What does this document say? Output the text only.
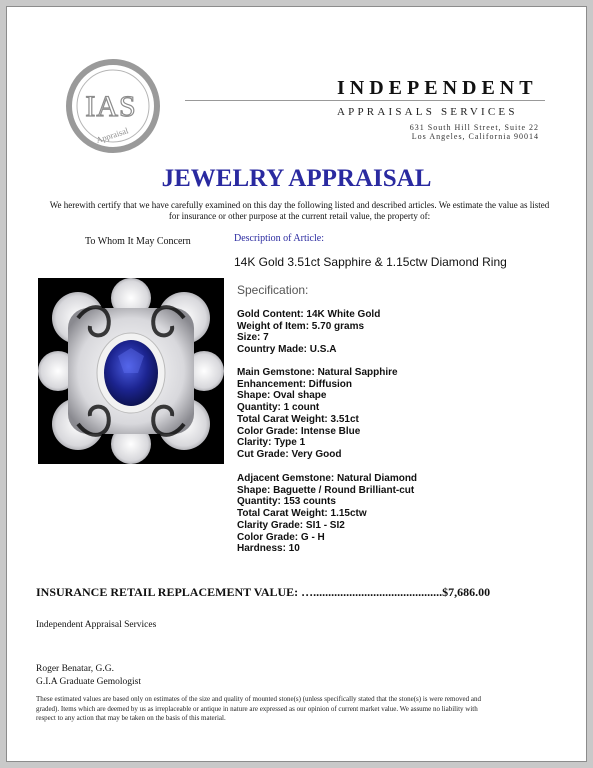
IAS
Appraisal
INDEPENDENT
APPRAISALS SERVICES
631 South Hill Street, Suite 22
Los Angeles, California 90014
JEWELRY APPRAISAL
We herewith certify that we have carefully examined on this day the following listed and described articles. We estimate the value as listed for insurance or other purpose at the current retail value, the property of:
To Whom It May Concern	Description of Article:
14K Gold 3.51ct Sapphire & 1.15ctw Diamond Ring
Specification:
Gold Content: 14K White Gold
Weight of Item: 5.70 grams
Size: 7
Country Made: U.S.A
Main Gemstone: Natural Sapphire
Enhancement: Diffusion
Shape: Oval shape
Quantity: 1 count
Total Carat Weight: 3.51ct
Color Grade: Intense Blue
Clarity: Type 1
Cut Grade: Very Good
Adjacent Gemstone: Natural Diamond
Shape: Baguette / Round Brilliant-cut
Quantity: 153 counts
Total Carat Weight: 1.15ctw
Clarity Grade: SI1 - SI2
Color Grade: G - H
Hardness: 10
INSURANCE RETAIL REPLACEMENT VALUE: …...........................................$7,686.00
Independent Appraisal Services
Roger Benatar, G.G.
G.I.A Graduate Gemologist
These estimated values are based only on estimates of the size and quality of mounted stone(s) (unless specifically stated that the stone(s) is were removed and graded). Items which are deemed by us as irreplaceable or antique in nature are expressed as our opinion of current market value. We assume no liability with respect to any action that may be taken on the basis of this material.
